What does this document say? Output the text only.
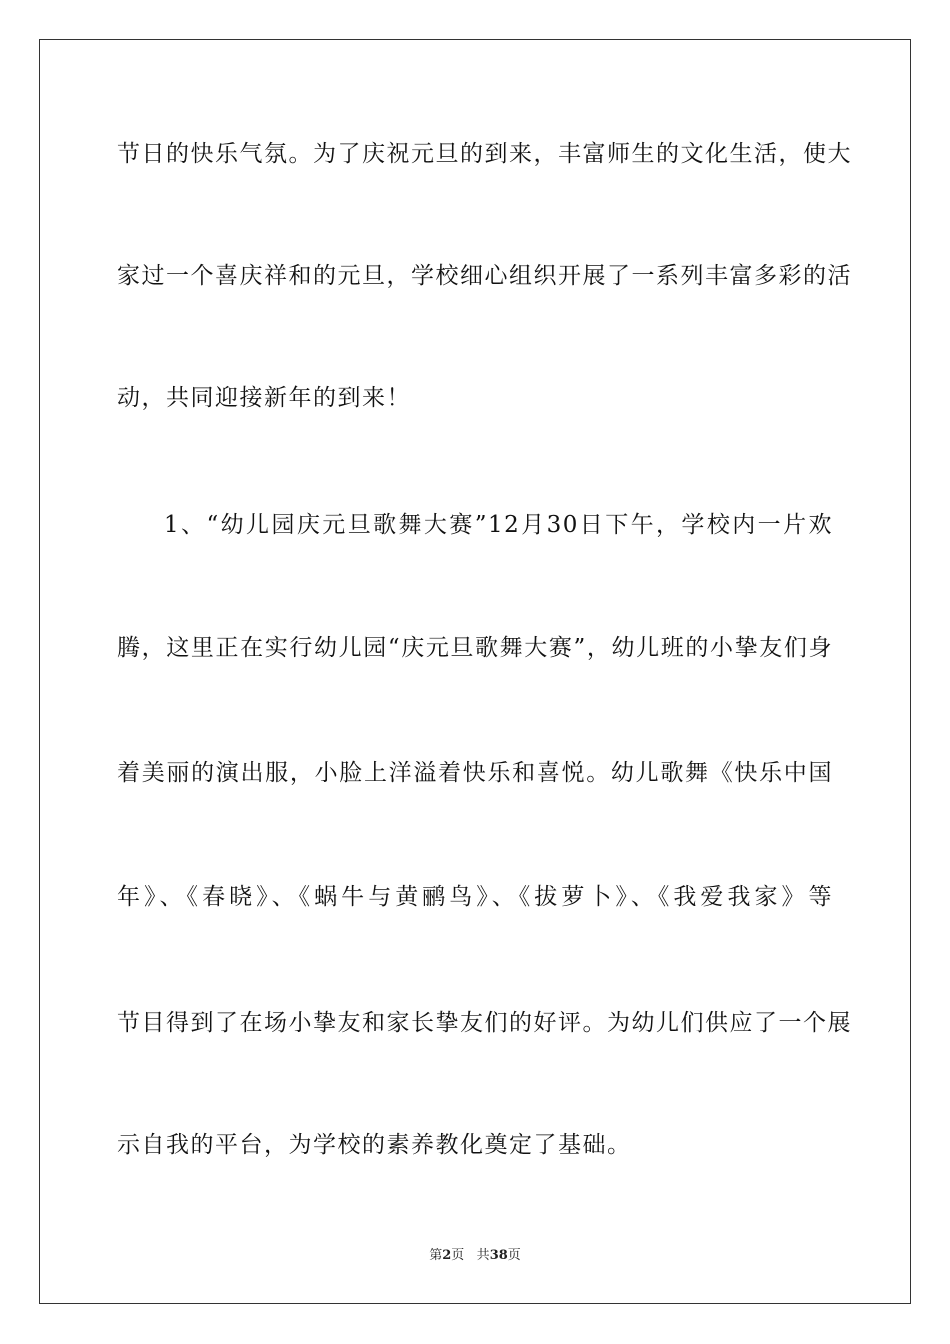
节日的快乐气氛。为了庆祝元旦的到来，丰富师生的文化生活，使大
家过一个喜庆祥和的元旦，学校细心组织开展了一系列丰富多彩的活
动，共同迎接新年的到来！
1、“幼儿园庆元旦歌舞大赛”12月30日下午，学校内一片欢
腾，这里正在实行幼儿园“庆元旦歌舞大赛”，幼儿班的小挚友们身
着美丽的演出服，小脸上洋溢着快乐和喜悦。幼儿歌舞《快乐中国
年》、《春晓》、《蜗牛与黄鹂鸟》、《拔萝卜》、《我爱我家》等
节目得到了在场小挚友和家长挚友们的好评。为幼儿们供应了一个展
示自我的平台，为学校的素养教化奠定了基础。
第2页 共38页
